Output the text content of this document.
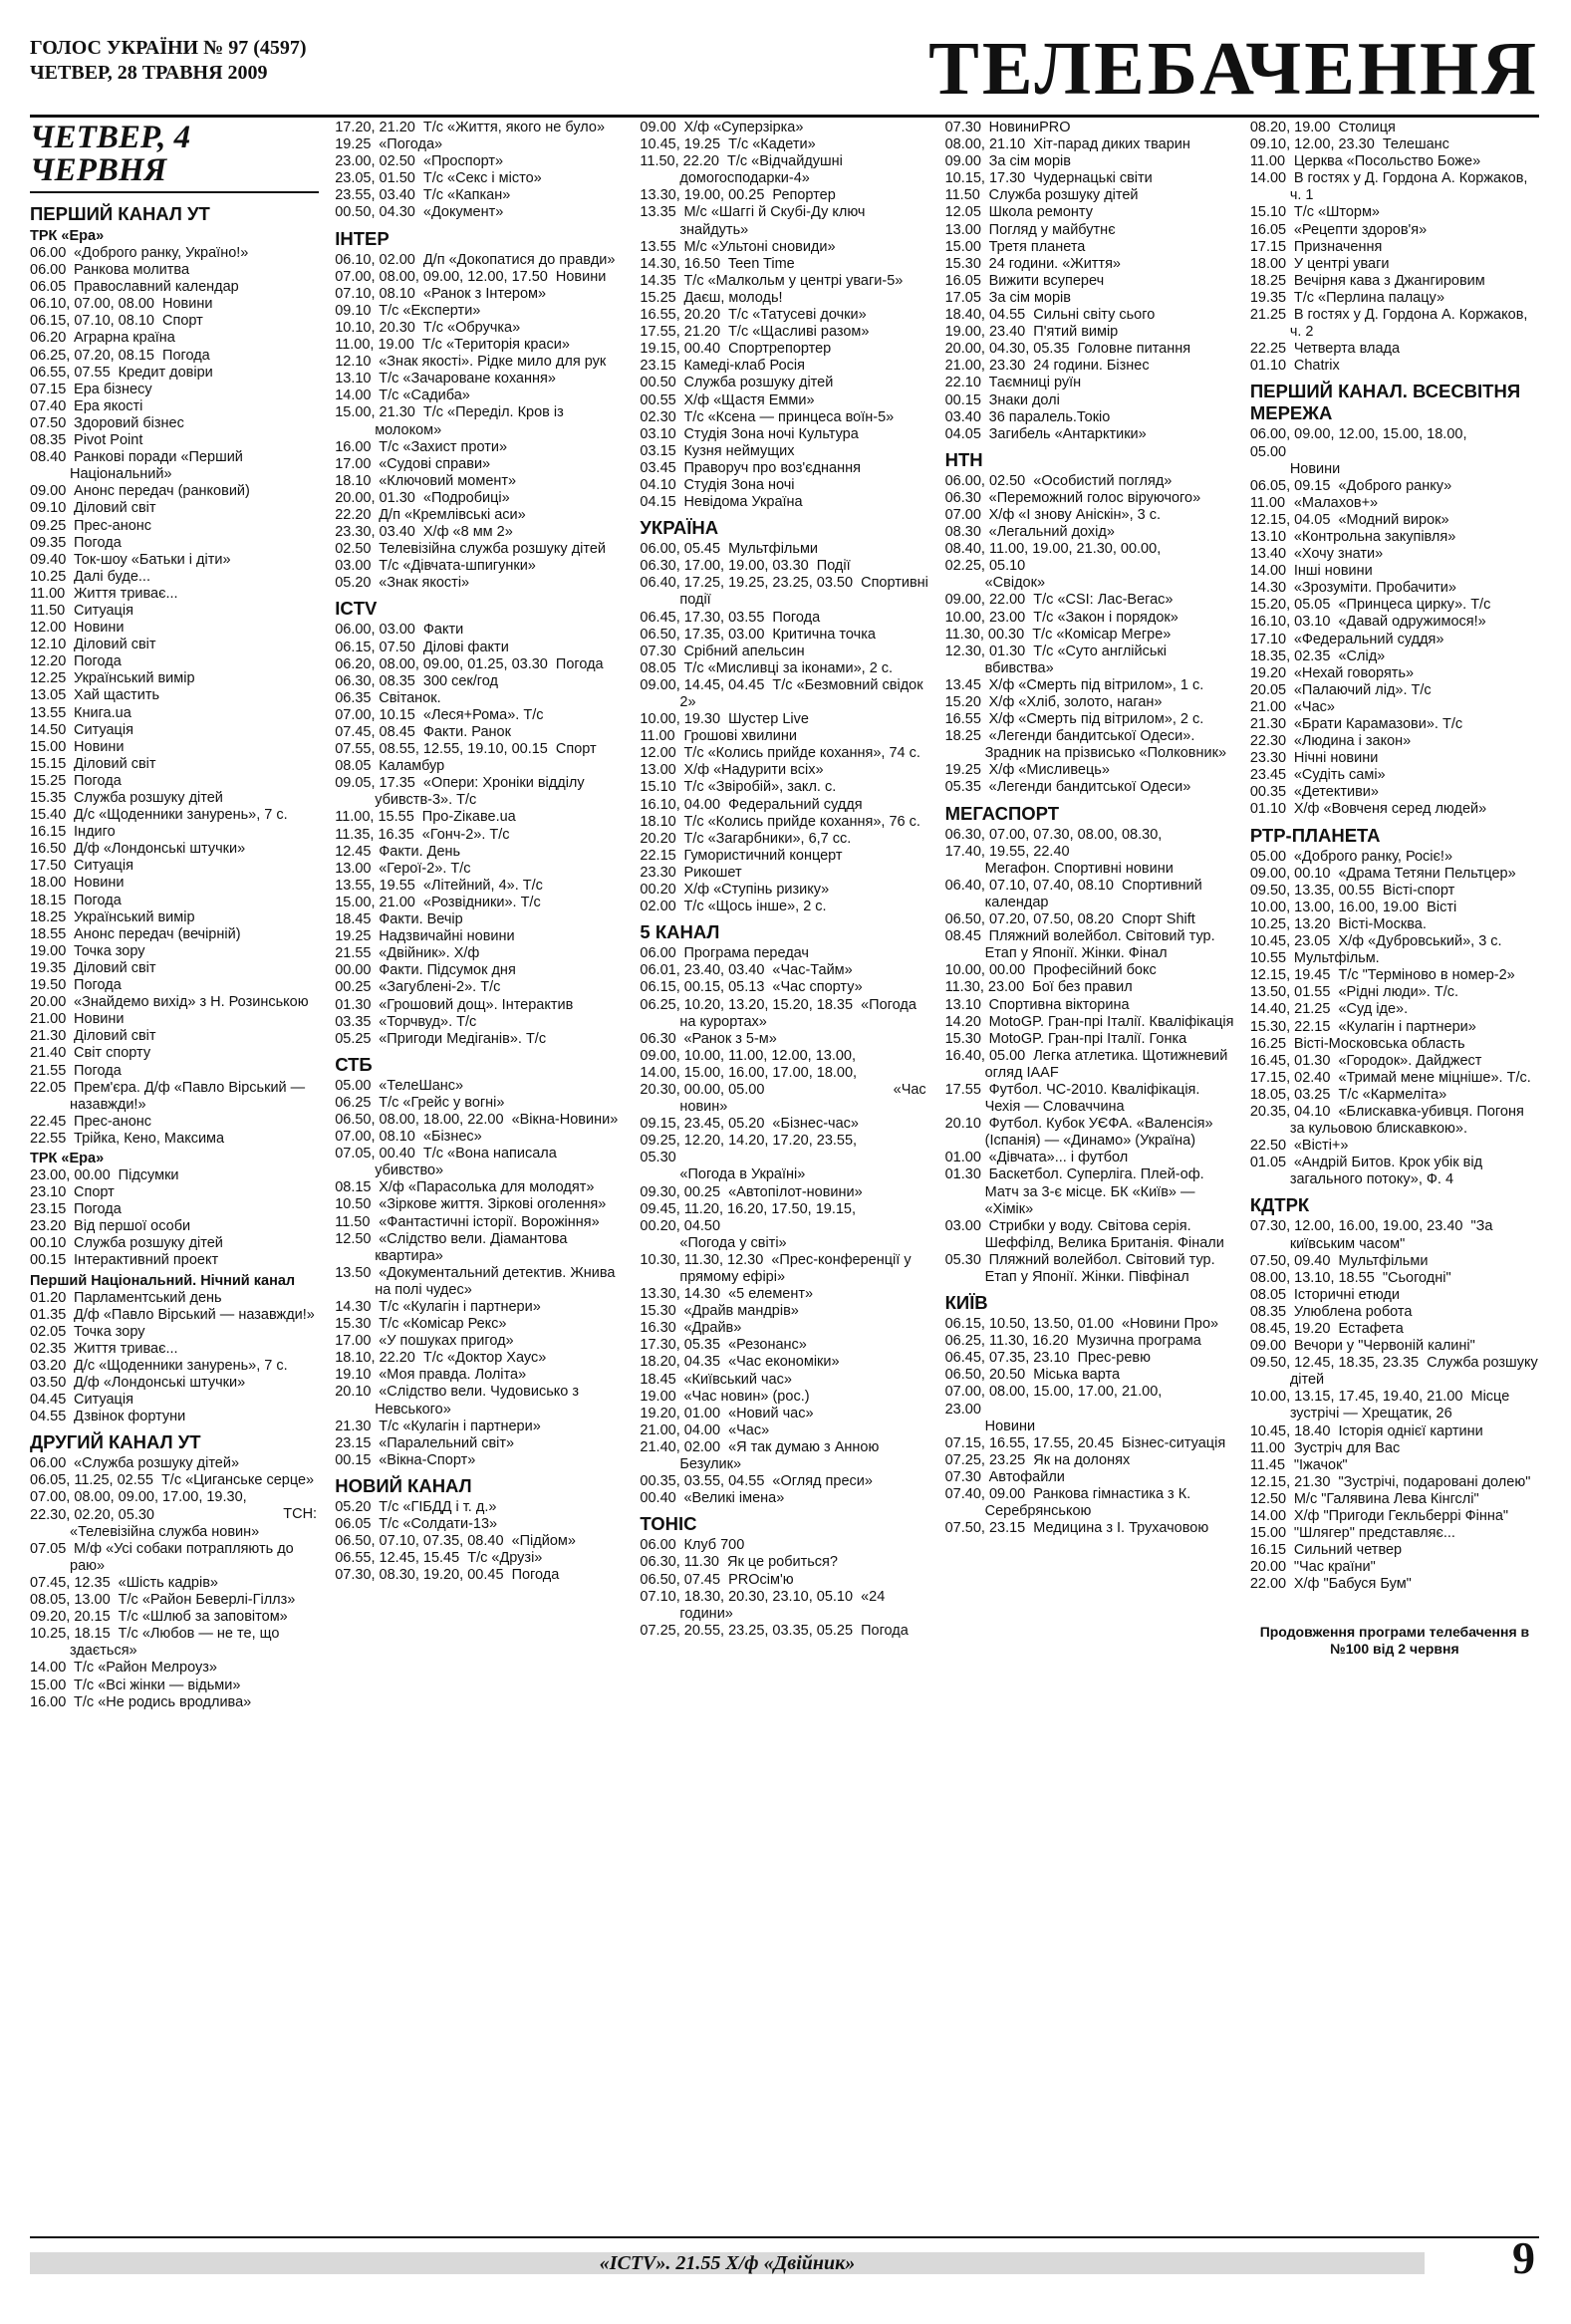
ГОЛОС УКРАЇНИ № 97 (4597)
ЧЕТВЕР, 28 ТРАВНЯ 2009	ТЕЛЕБАЧЕННЯ
ЧЕТВЕР, 4 ЧЕРВНЯ
ПЕРШИЙ КАНАЛ УТ
ТРК «Ера»
06.00 «Доброго ранку, Україно!»
06.00 Ранкова молитва
06.05 Православний календар
06.10, 07.00, 08.00 Новини
06.15, 07.10, 08.10 Спорт
06.20 Аграрна країна
06.25, 07.20, 08.15 Погода
06.55, 07.55 Кредит довіри
07.15 Ера бізнесу
07.40 Ера якості
07.50 Здоровий бізнес
08.35 Pivot Point
08.40 Ранкові поради «Перший Національний»
09.00 Анонс передач (ранковий)
09.10 Діловий світ
09.25 Прес-анонс
09.35 Погода
09.40 Ток-шоу «Батьки і діти»
10.25 Далі буде...
11.00 Життя триває...
11.50 Ситуація
12.00 Новини
12.10 Діловий світ
12.20 Погода
12.25 Український вимір
13.05 Хай щастить
13.55 Книга.ua
14.50 Ситуація
15.00 Новини
15.15 Діловий світ
15.25 Погода
15.35 Служба розшуку дітей
15.40 Д/с «Щоденники занурень», 7 с.
16.15 Індиго
16.50 Д/ф «Лондонські штучки»
17.50 Ситуація
18.00 Новини
18.15 Погода
18.25 Український вимір
18.55 Анонс передач (вечірній)
19.00 Точка зору
19.35 Діловий світ
19.50 Погода
20.00 «Знайдемо вихід» з Н. Розинською
21.00 Новини
21.30 Діловий світ
21.40 Світ спорту
21.55 Погода
22.05 Прем'єра. Д/ф «Павло Вірський — назавжди!»
22.45 Прес-анонс
22.55 Трійка, Кено, Максима
ТРК «Ера»
23.00, 00.00 Підсумки
23.10 Спорт
23.15 Погода
23.20 Від першої особи
00.10 Служба розшуку дітей
00.15 Інтерактивний проект
Перший Національний. Нічний канал
01.20 Парламентський день
01.35 Д/ф «Павло Вірський — назавжди!»
02.05 Точка зору
02.35 Життя триває...
03.20 Д/с «Щоденники занурень», 7 с.
03.50 Д/ф «Лондонські штучки»
04.45 Ситуація
04.55 Дзвінок фортуни
ДРУГИЙ КАНАЛ УТ
06.00 «Служба розшуку дітей»
06.05, 11.25, 02.55 Т/с «Циганське серце»
07.00, 08.00, 09.00, 17.00, 19.30, 22.30, 02.20, 05.30	ТСН: «Телевізійна служба новин»
07.05 М/ф «Усі собаки потрапляють до раю»
07.45, 12.35 «Шість кадрів»
08.05, 13.00 Т/с «Район Беверлі-Гіллз»
09.20, 20.15 Т/с «Шлюб за заповітом»
10.25, 18.15 Т/с «Любов — не те, що здається»
14.00 Т/с «Район Мелроуз»
15.00 Т/с «Всі жінки — відьми»
16.00 Т/с «Не родись вродлива»
17.20, 21.20 Т/с «Життя, якого не було»
19.25 «Погода»
23.00, 02.50 «Проспорт»
23.05, 01.50 Т/с «Секс і місто»
23.55, 03.40 Т/с «Капкан»
00.50, 04.30 «Документ»
ІНТЕР
06.10, 02.00 Д/п «Докопатися до правди»
07.00, 08.00, 09.00, 12.00, 17.50 Новини
07.10, 08.10 «Ранок з Інтером»
09.10 Т/с «Експерти»
10.10, 20.30 Т/с «Обручка»
11.00, 19.00 Т/с «Територія краси»
12.10 «Знак якості». Рідке мило для рук
13.10 Т/с «Зачароване кохання»
14.00 Т/с «Садиба»
15.00, 21.30 Т/с «Переділ. Кров із молоком»
16.00 Т/с «Захист проти»
17.00 «Судові справи»
18.10 «Ключовий момент»
20.00, 01.30 «Подробиці»
22.20 Д/п «Кремлівські аси»
23.30, 03.40 Х/ф «8 мм 2»
02.50 Телевізійна служба розшуку дітей
03.00 Т/с «Дівчата-шпигунки»
05.20 «Знак якості»
ICTV
06.00, 03.00 Факти
06.15, 07.50 Ділові факти
06.20, 08.00, 09.00, 01.25, 03.30 Погода
06.30, 08.35 300 сек/год
06.35 Світанок.
07.00, 10.15 «Леся+Рома». Т/с
07.45, 08.45 Факти. Ранок
07.55, 08.55, 12.55, 19.10, 00.15 Спорт
08.05 Каламбур
09.05, 17.35 «Опери: Хроніки відділу убивств-3». Т/с
11.00, 15.55 Про-Zікаве.ua
11.35, 16.35 «Гонч-2». Т/с
12.45 Факти. День
13.00 «Герої-2». Т/с
13.55, 19.55 «Літейний, 4». Т/с
15.00, 21.00 «Розвідники». Т/с
18.45 Факти. Вечір
19.25 Надзвичайні новини
21.55 «Двійник». Х/ф
00.00 Факти. Підсумок дня
00.25 «Загублені-2». Т/с
01.30 «Грошовий дощ». Інтерактив
03.35 «Торчвуд». Т/с
05.25 «Пригоди Медіганів». Т/с
СТБ
05.00 «ТелеШанс»
06.25 Т/с «Грейс у вогні»
06.50, 08.00, 18.00, 22.00 «Вікна-Новини»
07.00, 08.10 «Бізнес»
07.05, 00.40 Т/с «Вона написала убивство»
08.15 Х/ф «Парасолька для молодят»
10.50 «Зіркове життя. Зіркові оголення»
11.50 «Фантастичні історії. Ворожіння»
12.50 «Слідство вели. Діамантова квартира»
13.50 «Документальний детектив. Жнива на полі чудес»
14.30 Т/с «Кулагін і партнери»
15.30 Т/с «Комісар Рекс»
17.00 «У пошуках пригод»
18.10, 22.20 Т/с «Доктор Хаус»
19.10 «Моя правда. Лоліта»
20.10 «Слідство вели. Чудовисько з Невського»
21.30 Т/с «Кулагін і партнери»
23.15 «Паралельний світ»
00.15 «Вікна-Спорт»
НОВИЙ КАНАЛ
05.20 Т/с «ГІБДД і т. д.»
06.05 Т/с «Солдати-13»
06.50, 07.10, 07.35, 08.40 «Підйом»
06.55, 12.45, 15.45 Т/с «Друзі»
07.30, 08.30, 19.20, 00.45 Погода
09.00 Х/ф «Суперзірка»
10.45, 19.25 Т/с «Кадети»
11.50, 22.20 Т/с «Відчайдушні домогосподарки-4»
13.30, 19.00, 00.25 Репортер
13.35 М/с «Шаггі й Скубі-Ду ключ знайдуть»
13.55 М/с «Ультоні сновиди»
14.30, 16.50 Teen Time
14.35 Т/с «Малкольм у центрі уваги-5»
15.25 Даєш, молодь!
16.55, 20.20 Т/с «Татусеві дочки»
17.55, 21.20 Т/с «Щасливі разом»
19.15, 00.40 Спортрепортер
23.15 Камеді-клаб Росія
00.50 Служба розшуку дітей
00.55 Х/ф «Щастя Емми»
02.30 Т/с «Ксена — принцеса воїн-5»
03.10 Студія Зона ночі Культура
03.15 Кузня неймущих
03.45 Праворуч про воз'єднання
04.10 Студія Зона ночі
04.15 Невідома Україна
УКРАЇНА
06.00, 05.45 Мультфільми
06.30, 17.00, 19.00, 03.30 Події
06.40, 17.25, 19.25, 23.25, 03.50 Спортивні події
06.45, 17.30, 03.55 Погода
06.50, 17.35, 03.00 Критична точка
07.30 Срібний апельсин
08.05 Т/с «Мисливці за іконами», 2 с.
09.00, 14.45, 04.45 Т/с «Безмовний свідок 2»
10.00, 19.30 Шустер Live
11.00 Грошові хвилини
12.00 Т/с «Колись прийде кохання», 74 с.
13.00 Х/ф «Надурити всіх»
15.10 Т/с «Звіробій», закл. с.
16.10, 04.00 Федеральний суддя
18.10 Т/с «Колись прийде кохання», 76 с.
20.20 Т/с «Загарбники», 6,7 сс.
22.15 Гумористичний концерт
23.30 Рикошет
00.20 Х/ф «Ступінь ризику»
02.00 Т/с «Щось інше», 2 с.
5 КАНАЛ
06.00 Програма передач
06.01, 23.40, 03.40 «Час-Тайм»
06.15, 00.15, 05.13 «Час спорту»
06.25, 10.20, 13.20, 15.20, 18.35 «Погода на курортах»
06.30 «Ранок з 5-м»
09.00, 10.00, 11.00, 12.00, 13.00, 14.00, 15.00, 16.00, 17.00, 18.00, 20.30, 00.00, 05.00	«Час новин»
09.15, 23.45, 05.20 «Бізнес-час»
09.25, 12.20, 14.20, 17.20, 23.55, 05.30 «Погода в Україні»
09.30, 00.25 «Автопілот-новини»
09.45, 11.20, 16.20, 17.50, 19.15, 00.20, 04.50 «Погода у світі»
10.30, 11.30, 12.30 «Прес-конференції у прямому ефірі»
13.30, 14.30 «5 елемент»
15.30 «Драйв мандрів»
16.30 «Драйв»
17.30, 05.35 «Резонанс»
18.20, 04.35 «Час економіки»
18.45 «Київський час»
19.00 «Час новин» (рос.)
19.20, 01.00 «Новий час»
21.00, 04.00 «Час»
21.40, 02.00 «Я так думаю з Анною Безулик»
00.35, 03.55, 04.55 «Огляд преси»
00.40 «Великі імена»
ТОНІС
06.00 Клуб 700
06.30, 11.30 Як це робиться?
06.50, 07.45 PROсім'ю
07.10, 18.30, 20.30, 23.10, 05.10 «24 години»
07.25, 20.55, 23.25, 03.35, 05.25 Погода
07.30 НовиниPRO
08.00, 21.10 Хіт-парад диких тварин
09.00 За сім морів
10.15, 17.30 Чудернацькі світи
11.50 Служба розшуку дітей
12.05 Школа ремонту
13.00 Погляд у майбутнє
15.00 Третя планета
15.30 24 години. «Життя»
16.05 Вижити всупереч
17.05 За сім морів
18.40, 04.55 Сильні світу сього
19.00, 23.40 П'ятий вимір
20.00, 04.30, 05.35 Головне питання
21.00, 23.30 24 години. Бізнес
22.10 Таємниці руїн
00.15 Знаки долі
03.40 36 паралель.Токіо
04.05 Загибель «Антарктики»
НТН
06.00, 02.50 «Особистий погляд»
06.30 «Переможний голос віруючого»
07.00 Х/ф «І знову Аніскін», 3 с.
08.30 «Легальний дохід»
08.40, 11.00, 19.00, 21.30, 00.00, 02.25, 05.10 «Свідок»
09.00, 22.00 Т/с «CSI: Лас-Вегас»
10.00, 23.00 Т/с «Закон і порядок»
11.30, 00.30 Т/с «Комісар Мегре»
12.30, 01.30 Т/с «Суто англійські вбивства»
13.45 Х/ф «Смерть під вітрилом», 1 с.
15.20 Х/ф «Хліб, золото, наган»
16.55 Х/ф «Смерть під вітрилом», 2 с.
18.25 «Легенди бандитської Одеси». Зрадник на прізвисько «Полковник»
19.25 Х/ф «Мисливець»
05.35 «Легенди бандитської Одеси»
МЕГАСПОРТ
06.30, 07.00, 07.30, 08.00, 08.30, 17.40, 19.55, 22.40 Мегафон. Спортивні новини
06.40, 07.10, 07.40, 08.10 Спортивний календар
06.50, 07.20, 07.50, 08.20 Спорт Shift
08.45 Пляжний волейбол. Світовий тур. Етап у Японії. Жінки. Фінал
10.00, 00.00 Професійний бокс
11.30, 23.00 Бої без правил
13.10 Спортивна вікторина
14.20 MotoGP. Гран-прі Італії. Кваліфікація
15.30 MotoGP. Гран-прі Італії. Гонка
16.40, 05.00 Легка атлетика. Щотижневий огляд IAAF
17.55 Футбол. ЧС-2010. Кваліфікація. Чехія — Словаччина
20.10 Футбол. Кубок УЄФА. «Валенсія» (Іспанія) — «Динамо» (Україна)
01.00 «Дівчата»... і футбол
01.30 Баскетбол. Суперліга. Плей-оф. Матч за 3-є місце. БК «Київ» — «Хімік»
03.00 Стрибки у воду. Світова серія. Шеффілд, Велика Британія. Фінали
05.30 Пляжний волейбол. Світовий тур. Етап у Японії. Жінки. Півфінал
КИЇВ
06.15, 10.50, 13.50, 01.00 «Новини Про»
06.25, 11.30, 16.20 Музична програма
06.45, 07.35, 23.10 Прес-ревю
06.50, 20.50 Міська варта
07.00, 08.00, 15.00, 17.00, 21.00, 23.00 Новини
07.15, 16.55, 17.55, 20.45 Бізнес-ситуація
07.25, 23.25 Як на долонях
07.30 Автофайли
07.40, 09.00 Ранкова гімнастика з К. Серебрянською
07.50, 23.15 Медицина з І. Трухачовою
08.20, 19.00 Столиця
09.10, 12.00, 23.30 Телешанс
11.00 Церква «Посольство Боже»
14.00 В гостях у Д. Гордона А. Коржаков, ч. 1
15.10 Т/с «Шторм»
16.05 «Рецепти здоров'я»
17.15 Призначення
18.00 У центрі уваги
18.25 Вечірня кава з Джангировим
19.35 Т/с «Перлина палацу»
21.25 В гостях у Д. Гордона А. Коржаков, ч. 2
22.25 Четверта влада
01.10 Chatrix
ПЕРШИЙ КАНАЛ. ВСЕСВІТНЯ МЕРЕЖА
06.00, 09.00, 12.00, 15.00, 18.00, 05.00 Новини
06.05, 09.15 «Доброго ранку»
11.00 «Малахов+»
12.15, 04.05 «Модний вирок»
13.10 «Контрольна закупівля»
13.40 «Хочу знати»
14.00 Інші новини
14.30 «Зрозуміти. Пробачити»
15.20, 05.05 «Принцеса цирку». Т/с
16.10, 03.10 «Давай одружимося!»
17.10 «Федеральний суддя»
18.35, 02.35 «Слід»
19.20 «Нехай говорять»
20.05 «Палаючий лід». Т/с
21.00 «Час»
21.30 «Брати Карамазови». Т/с
22.30 «Людина і закон»
23.30 Нічні новини
23.45 «Судіть самі»
00.35 «Детективи»
01.10 Х/ф «Вовченя серед людей»
РТР-ПЛАНЕТА
05.00 «Доброго ранку, Росіє!»
09.00, 00.10 «Драма Тетяни Пельтцер»
09.50, 13.35, 00.55 Вісті-спорт
10.00, 13.00, 16.00, 19.00 Вісті
10.25, 13.20 Вісті-Москва.
10.45, 23.05 Х/ф «Дубровський», 3 с.
10.55 Мультфільм.
12.15, 19.45 Т/с "Терміново в номер-2»
13.50, 01.55 «Рідні люди». Т/с.
14.40, 21.25 «Суд іде».
15.30, 22.15 «Кулагін і партнери»
16.25 Вісті-Московська область
16.45, 01.30 «Городок». Дайджест
17.15, 02.40 «Тримай мене міцніше». Т/с.
18.05, 03.25 Т/с «Кармеліта»
20.35, 04.10 «Блискавка-убивця. Погоня за кульовою блискавкою».
22.50 «Вісті+»
01.05 «Андрій Битов. Крок убік від загального потоку», Ф. 4
КДТРК
07.30, 12.00, 16.00, 19.00, 23.40 "За київським часом"
07.50, 09.40 Мультфільми
08.00, 13.10, 18.55 "Сьогодні"
08.05 Історичні етюди
08.35 Улюблена робота
08.45, 19.20 Естафета
09.00 Вечори у "Червоній калині"
09.50, 12.45, 18.35, 23.35 Служба розшуку дітей
10.00, 13.15, 17.45, 19.40, 21.00 Місце зустрічі — Хрещатик, 26
10.45, 18.40 Історія однієї картини
11.00 Зустріч для Вас
11.45 "Іжачок"
12.15, 21.30 "Зустрічі, подаровані долею"
12.50 М/с "Галявина Лева Кінгслі"
14.00 Х/ф "Пригоди Гекльберрі Фінна"
15.00 "Шлягер" представляє...
16.15 Сильний четвер
20.00 "Час країни"
22.00 Х/ф "Бабуся Бум"
Продовження програми телебачення в №100 від 2 червня
«ICTV». 21.55 Х/ф «Двійник»	9
